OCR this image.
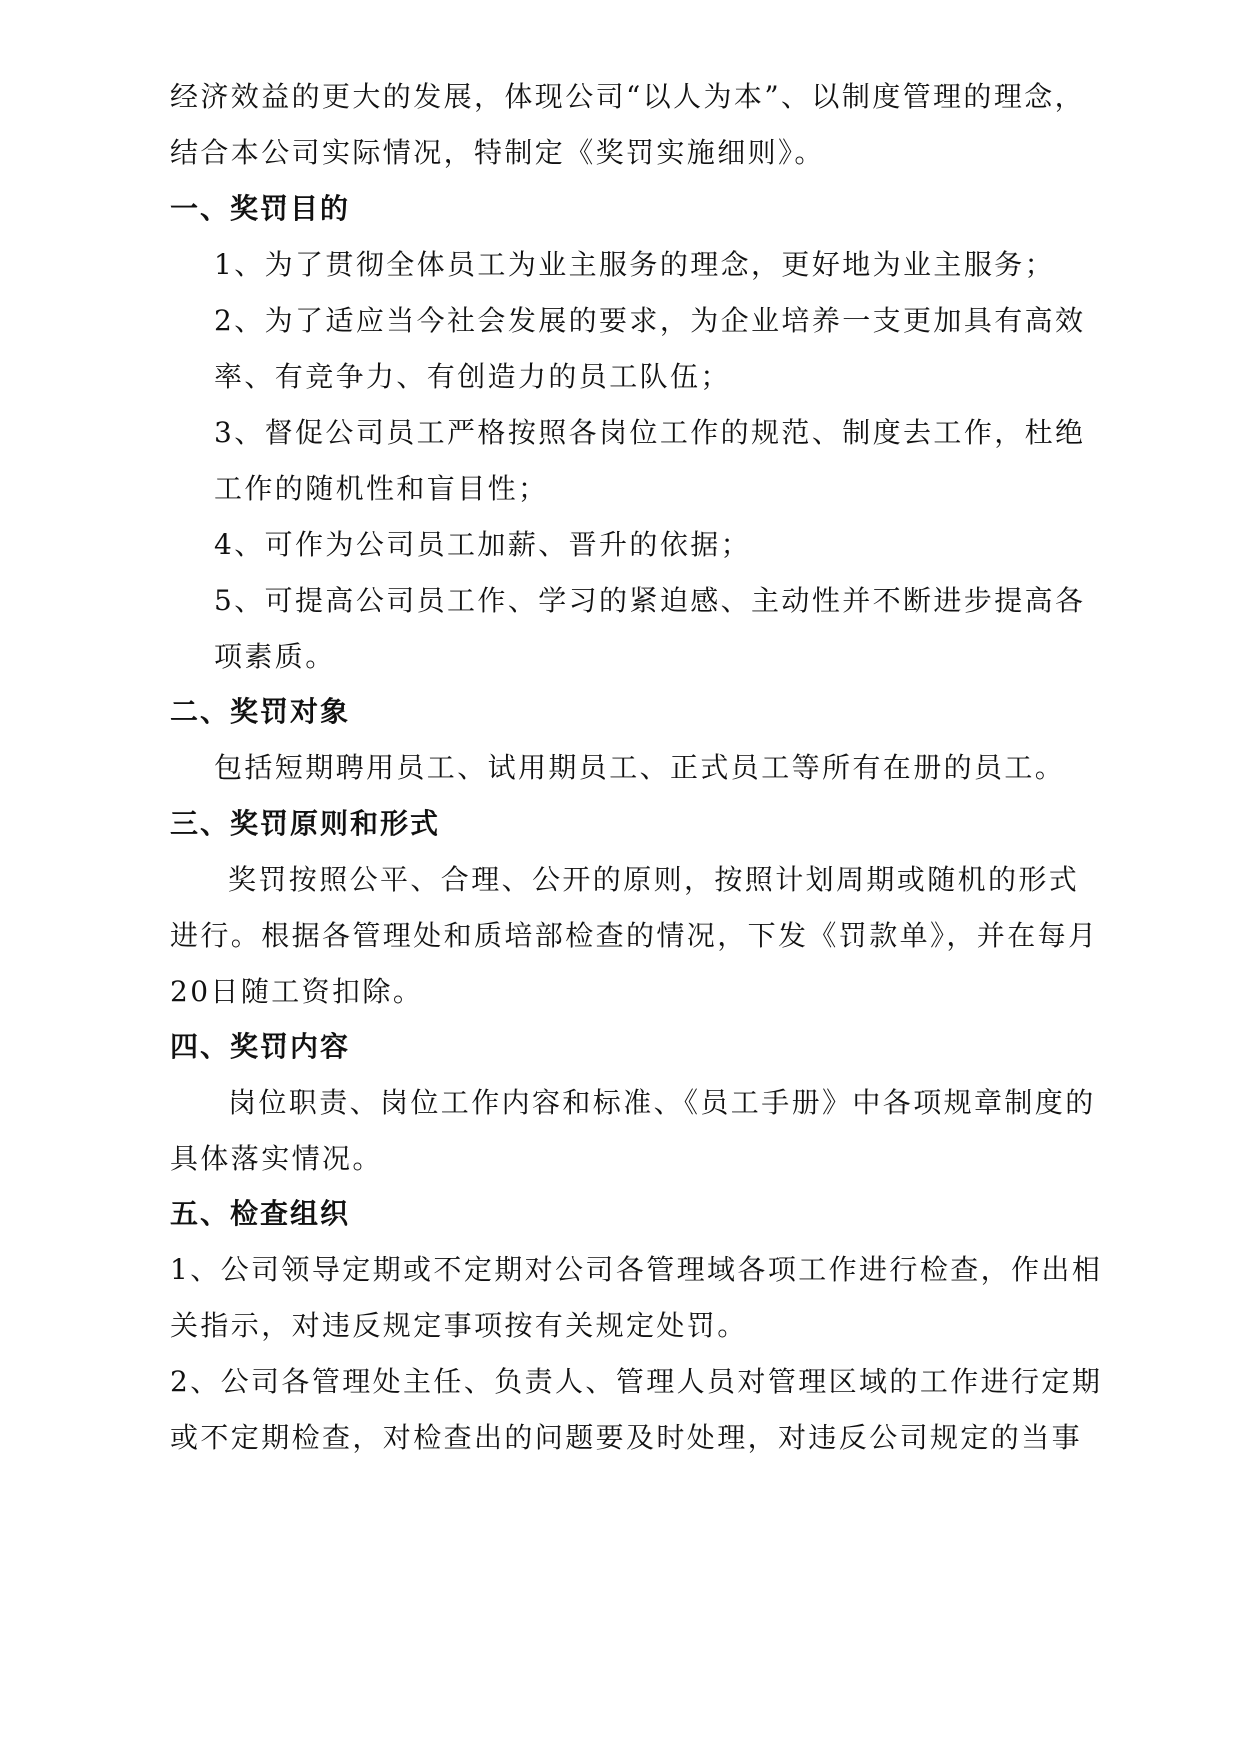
经济效益的更大的发展，体现公司“以人为本”、以制度管理的理念，
结合本公司实际情况，特制定《奖罚实施细则》。
一、奖罚目的
1、为了贯彻全体员工为业主服务的理念，更好地为业主服务；
2、为了适应当今社会发展的要求，为企业培养一支更加具有高效
率、有竞争力、有创造力的员工队伍；
3、督促公司员工严格按照各岗位工作的规范、制度去工作，杜绝
工作的随机性和盲目性；
4、可作为公司员工加薪、晋升的依据；
5、可提高公司员工作、学习的紧迫感、主动性并不断进步提高各
项素质。
二、奖罚对象
包括短期聘用员工、试用期员工、正式员工等所有在册的员工。
三、奖罚原则和形式
奖罚按照公平、合理、公开的原则，按照计划周期或随机的形式
进行。根据各管理处和质培部检查的情况，下发《罚款单》，并在每月
20日随工资扣除。
四、奖罚内容
岗位职责、岗位工作内容和标准、《员工手册》中各项规章制度的
具体落实情况。
五、检查组织
1、公司领导定期或不定期对公司各管理域各项工作进行检查，作出相
关指示，对违反规定事项按有关规定处罚。
2、公司各管理处主任、负责人、管理人员对管理区域的工作进行定期
或不定期检查，对检查出的问题要及时处理，对违反公司规定的当事
